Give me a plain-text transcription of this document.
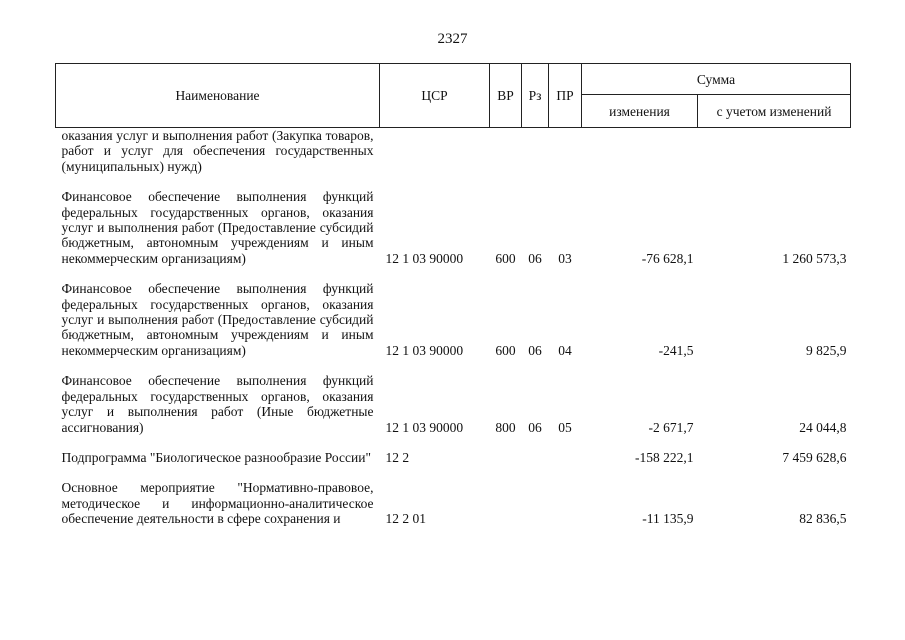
2327
Наименование	ЦСР	ВР	Рз	ПР	Сумма	
					изменения	с учетом изменений
оказания услуг и выполнения работ (Закупка товаров, работ и услуг для обеспечения государственных (муниципальных) нужд)						
Финансовое обеспечение выполнения функций федеральных государственных органов, оказания услуг и выполнения работ (Предоставление субсидий бюджетным, автономным учреждениям и иным некоммерческим организациям)	12 1 03 90000	600	06	03	-76 628,1	1 260 573,3
Финансовое обеспечение выполнения функций федеральных государственных органов, оказания услуг и выполнения работ (Предоставление субсидий бюджетным, автономным учреждениям и иным некоммерческим организациям)	12 1 03 90000	600	06	04	-241,5	9 825,9
Финансовое обеспечение выполнения функций федеральных государственных органов, оказания услуг и выполнения работ (Иные бюджетные ассигнования)	12 1 03 90000	800	06	05	-2 671,7	24 044,8
Подпрограмма "Биологическое разнообразие России"	12 2				-158 222,1	7 459 628,6
Основное мероприятие "Нормативно-правовое, методическое и информационно-аналитическое обеспечение деятельности в сфере сохранения и	12 2 01				-11 135,9	82 836,5
